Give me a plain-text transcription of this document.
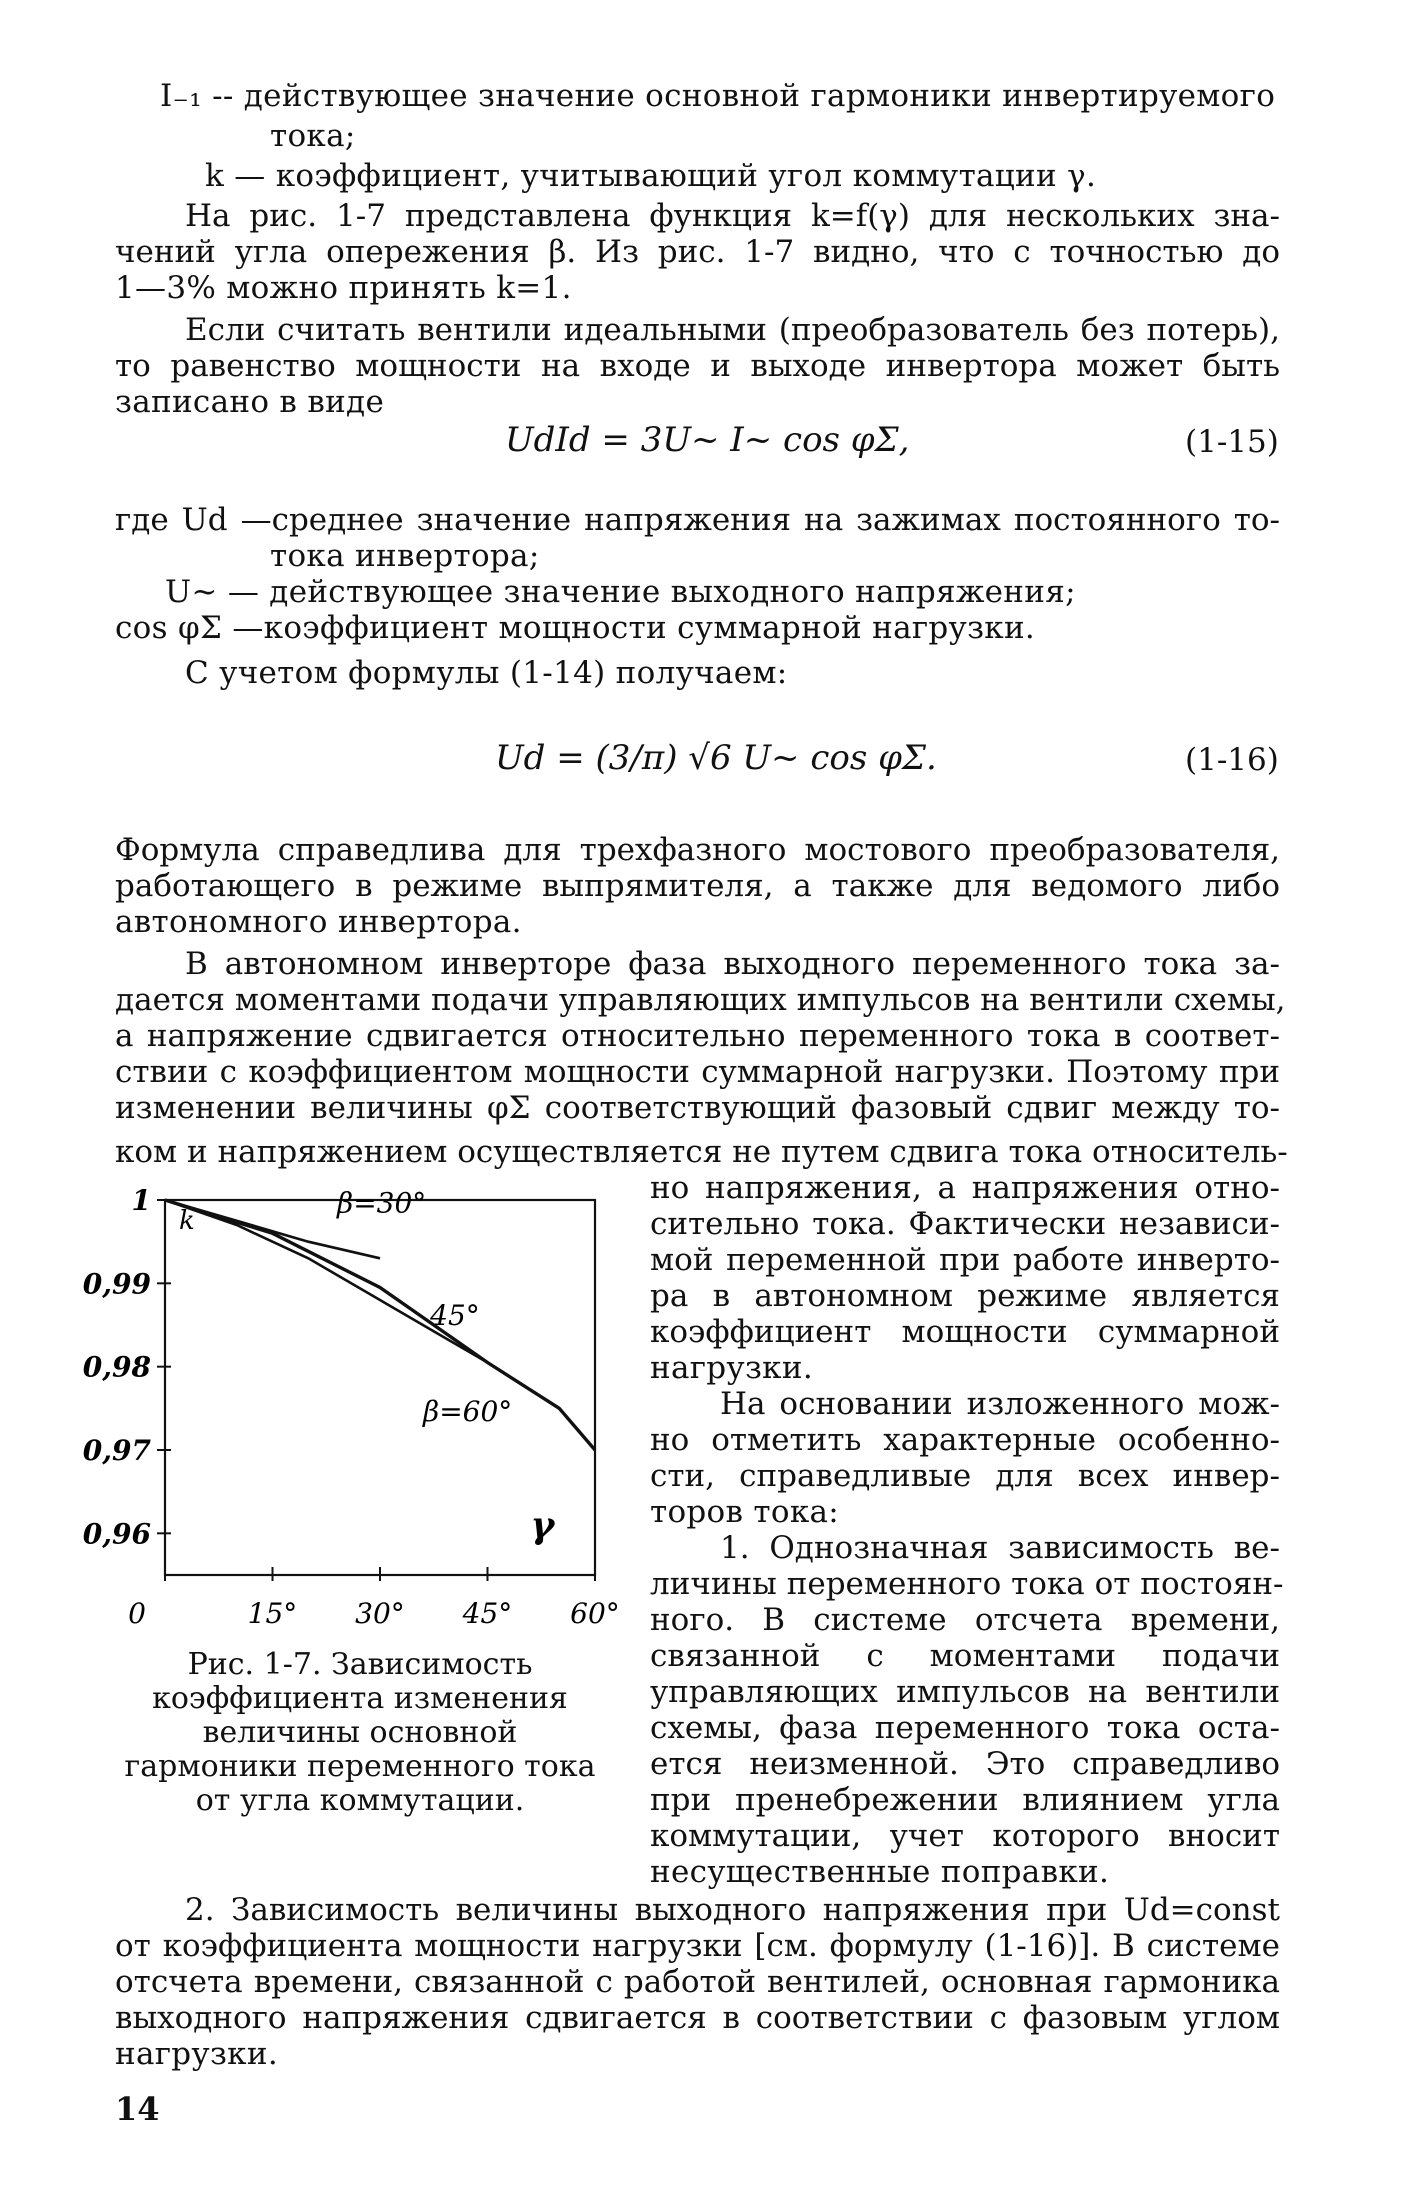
I₋₁ -- действующее значение основной гармоники инвертируемого
тока;
k — коэффициент, учитывающий угол коммутации γ.
На рис. 1-7 представлена функция k=f(γ) для нескольких зна-
чений угла опережения β. Из рис. 1-7 видно, что с точностью до
1—3% можно принять k=1.
Если считать вентили идеальными (преобразователь без потерь),
то равенство мощности на входе и выходе инвертора может быть
записано в виде
UdId = 3U~ I~ cos φΣ,	(1-15)
где Ud —среднее значение напряжения на зажимах постоянного то-
тока инвертора;
U~ — действующее значение выходного напряжения;
cos φΣ —коэффициент мощности суммарной нагрузки.
С учетом формулы (1-14) получаем:
Ud = (3/π) √6 U~ cos φΣ.	(1-16)
Формула справедлива для трехфазного мостового преобразователя,
работающего в режиме выпрямителя, а также для ведомого либо
автономного инвертора.
В автономном инверторе фаза выходного переменного тока за-
дается моментами подачи управляющих импульсов на вентили схемы,
а напряжение сдвигается относительно переменного тока в соответ-
ствии с коэффициентом мощности суммарной нагрузки. Поэтому при
изменении величины φΣ соответствующий фазовый сдвиг между то-
ком и напряжением осуществляется не путем сдвига тока относитель-
но напряжения, а напряжения отно-
сительно тока. Фактически независи-
мой переменной при работе инверто-
ра в автономном режиме является
коэффициент мощности суммарной
нагрузки.
На основании изложенного мож-
но отметить характерные особенно-
сти, справедливые для всех инвер-
торов тока:
1. Однозначная зависимость ве-
личины переменного тока от постоян-
ного. В системе отсчета времени,
связанной с моментами подачи
управляющих импульсов на вентили
схемы, фаза переменного тока оста-
ется неизменной. Это справедливо
при пренебрежении влиянием угла
коммутации, учет которого вносит
несущественные поправки.
1
0,99
0,98
0,97
0,96
0	15° 30° 45° 60°
β=30°
45°
β=60°
k
γ
Рис. 1-7. Зависимость коэффициента изменения величины основной гармоники переменного тока от угла коммутации.
2. Зависимость величины выходного напряжения при Ud=const
от коэффициента мощности нагрузки [см. формулу (1-16)]. В системе
отсчета времени, связанной с работой вентилей, основная гармоника
выходного напряжения сдвигается в соответствии с фазовым углом
нагрузки.
14
